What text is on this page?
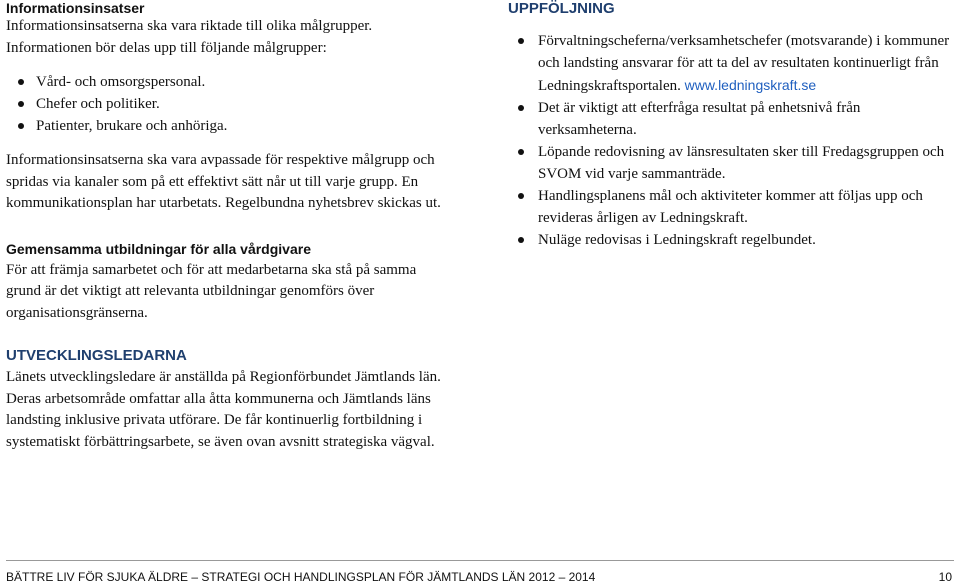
Informationsinsatser

Informationsinsatserna ska vara riktade till olika målgrupper.

Informationen bör delas upp till följande målgrupper:

Vård- och omsorgspersonal.
Chefer och politiker.
Patienter, brukare och anhöriga.

Informationsinsatserna ska vara avpassade för respektive målgrupp och spridas via kanaler som på ett effektivt sätt når ut till varje grupp. En kommunikationsplan har utarbetats. Regelbundna nyhetsbrev skickas ut.

Gemensamma utbildningar för alla vårdgivare

För att främja samarbetet och för att medarbetarna ska stå på samma grund är det viktigt att relevanta utbildningar genomförs över organisationsgränserna.

UTVECKLINGSLEDARNA

Länets utvecklingsledare är anställda på Regionförbundet Jämtlands län. Deras arbetsområde omfattar alla åtta kommunerna och Jämtlands läns landsting inklusive privata utförare. De får kontinuerlig fortbildning i systematiskt förbättringsarbete, se även ovan avsnitt strategiska vägval.

UPPFÖLJNING
Förvaltningscheferna/verksamhetschefer (motsvarande) i kommuner och landsting ansvarar för att ta del av resultaten kontinuerligt från Ledningskraftsportalen. www.ledningskraft.se
Det är viktigt att efterfråga resultat på enhetsnivå från verksamheterna.
Löpande redovisning av länsresultaten sker till Fredagsgruppen och SVOM vid varje sammanträde.
Handlingsplanens mål och aktiviteter kommer att följas upp och revideras årligen av Ledningskraft.
Nuläge redovisas i Ledningskraft regelbundet.
BÄTTRE LIV FÖR SJUKA ÄLDRE – STRATEGI OCH HANDLINGSPLAN FÖR JÄMTLANDS LÄN 2012 – 2014	10
